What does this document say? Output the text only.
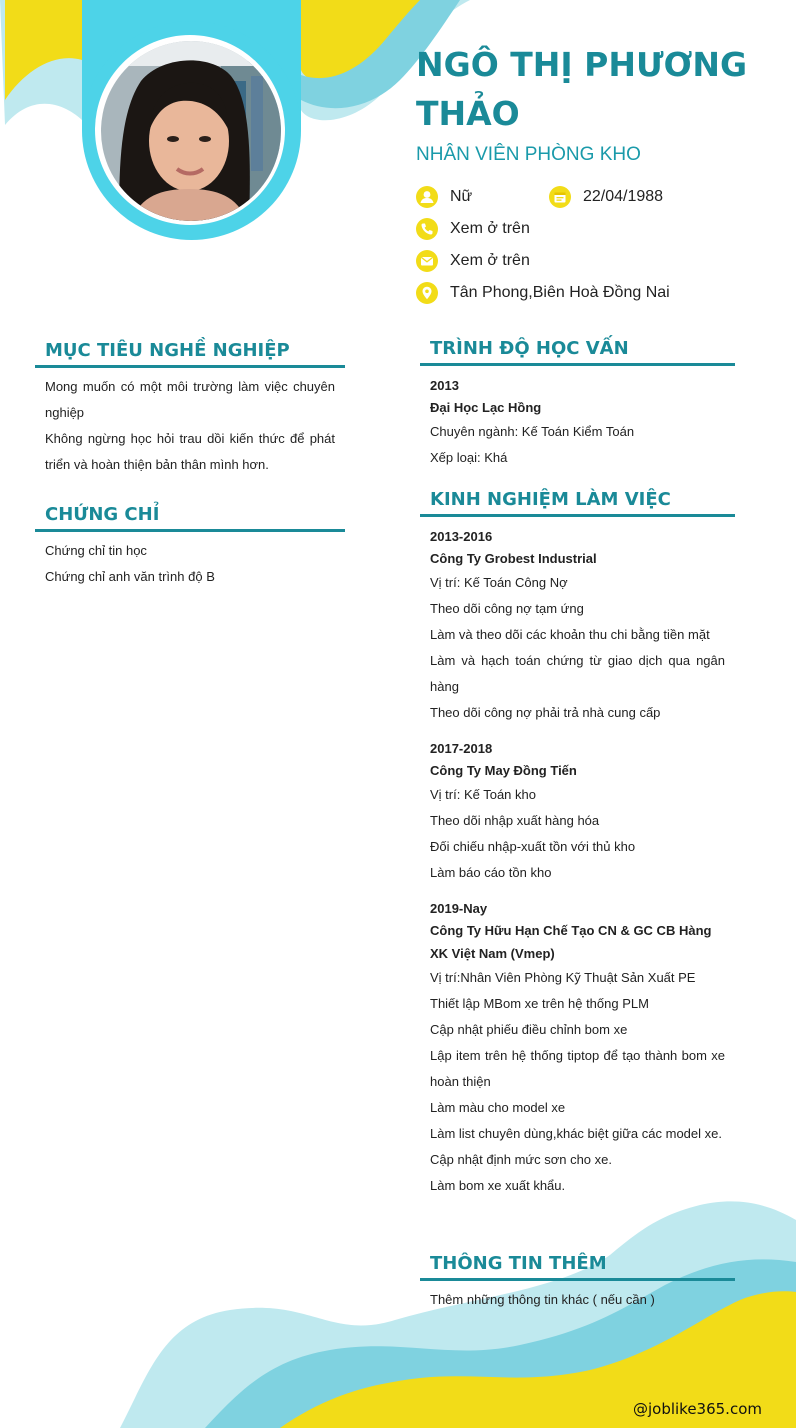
NGÔ THỊ PHƯƠNG THẢO
NHÂN VIÊN PHÒNG KHO
Nữ	22/04/1988
Xem ở trên
Xem ở trên
Tân Phong,Biên Hoà Đồng Nai
MỤC TIÊU NGHỀ NGHIỆP
Mong muốn có một môi trường làm việc chuyên nghiệp
Không ngừng học hỏi trau dồi kiến thức để phát triển và hoàn thiện bản thân mình hơn.
CHỨNG CHỈ
Chứng chỉ tin học
Chứng chỉ anh văn trình độ B
TRÌNH ĐỘ HỌC VẤN
2013
Đại Học Lạc Hồng
Chuyên ngành: Kế Toán Kiểm Toán
Xếp loại: Khá
KINH NGHIỆM LÀM VIỆC
2013-2016
Công Ty Grobest Industrial
Vị trí: Kế Toán Công Nợ
Theo dõi công nợ tạm ứng
Làm và theo dõi các khoản thu chi bằng tiền mặt
Làm và hạch toán chứng từ giao dịch qua ngân hàng
Theo dõi công nợ phải trả nhà cung cấp
2017-2018
Công Ty May Đồng Tiến
Vị trí: Kế Toán kho
Theo dõi nhập xuất hàng hóa
Đối chiếu nhập-xuất tồn với thủ kho
Làm báo cáo tồn kho
2019-Nay
Công Ty Hữu Hạn Chế Tạo CN & GC CB Hàng XK Việt Nam (Vmep)
Vị trí:Nhân Viên Phòng Kỹ Thuật Sản Xuất PE
Thiết lập MBom xe trên hệ thống PLM
Cập nhật phiếu điều chỉnh bom xe
Lập item trên hệ thống tiptop để tạo thành bom xe hoàn thiện
Làm màu cho model xe
Làm list chuyên dùng,khác biệt giữa các model xe.
Cập nhật định mức sơn cho xe.
Làm bom xe xuất khẩu.
THÔNG TIN THÊM
Thêm những thông tin khác ( nếu cần )
@joblike365.com
